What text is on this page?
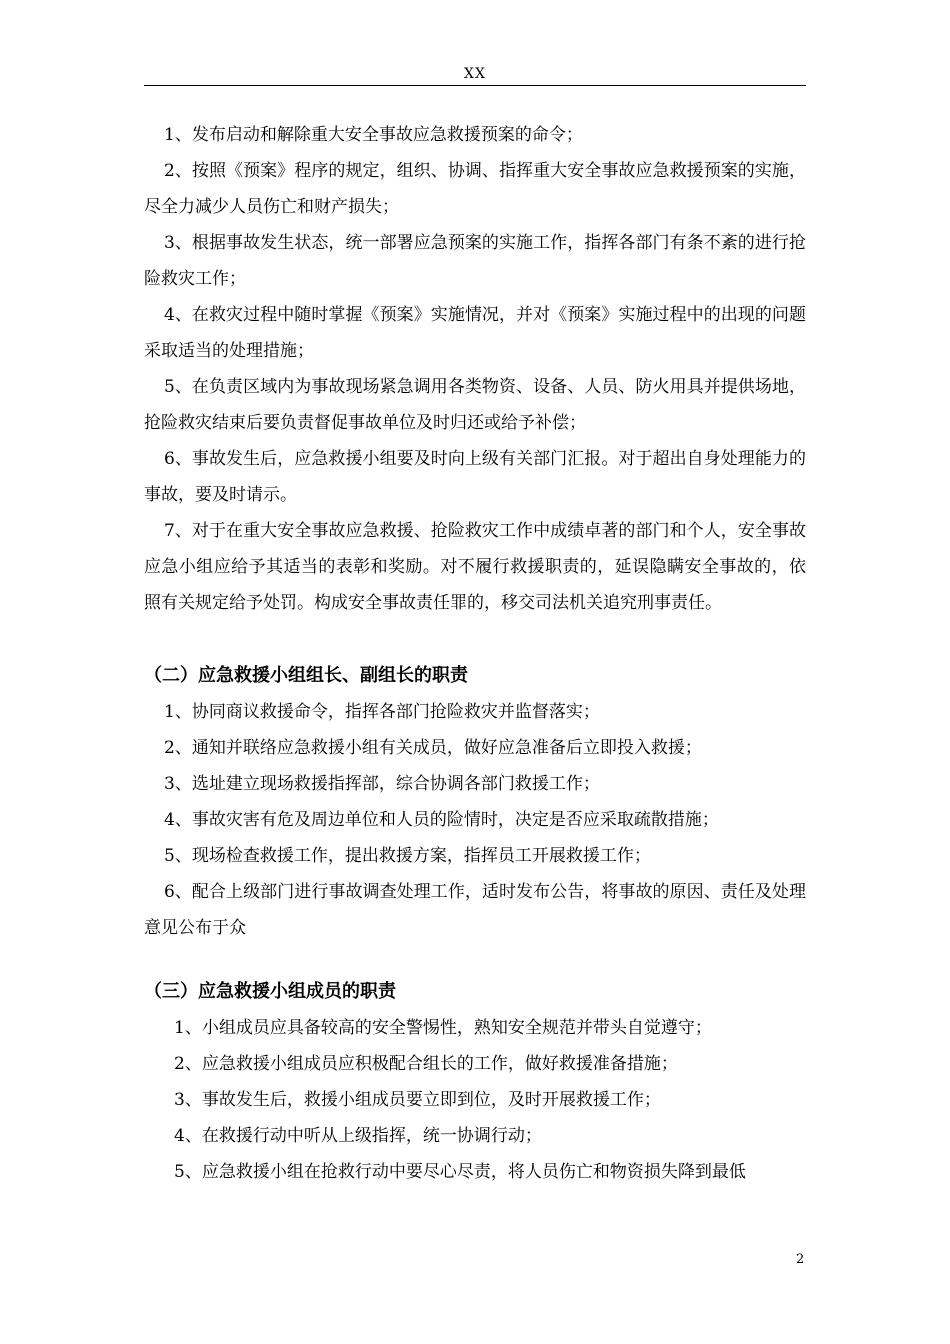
XX

1、发布启动和解除重大安全事故应急救援预案的命令；

2、按照《预案》程序的规定，组织、协调、指挥重大安全事故应急救援预案的实施，尽全力减少人员伤亡和财产损失；

3、根据事故发生状态，统一部署应急预案的实施工作，指挥各部门有条不紊的进行抢险救灾工作；

4、在救灾过程中随时掌握《预案》实施情况，并对《预案》实施过程中的出现的问题采取适当的处理措施；

5、在负责区域内为事故现场紧急调用各类物资、设备、人员、防火用具并提供场地，抢险救灾结束后要负责督促事故单位及时归还或给予补偿；

6、事故发生后，应急救援小组要及时向上级有关部门汇报。对于超出自身处理能力的事故，要及时请示。

7、对于在重大安全事故应急救援、抢险救灾工作中成绩卓著的部门和个人，安全事故应急小组应给予其适当的表彰和奖励。对不履行救援职责的，延误隐瞒安全事故的，依照有关规定给予处罚。构成安全事故责任罪的，移交司法机关追究刑事责任。

（二）应急救援小组组长、副组长的职责

1、协同商议救援命令，指挥各部门抢险救灾并监督落实；

2、通知并联络应急救援小组有关成员，做好应急准备后立即投入救援；

3、选址建立现场救援指挥部，综合协调各部门救援工作；

4、事故灾害有危及周边单位和人员的险情时，决定是否应采取疏散措施；

5、现场检查救援工作，提出救援方案，指挥员工开展救援工作；

6、配合上级部门进行事故调查处理工作，适时发布公告，将事故的原因、责任及处理意见公布于众

（三）应急救援小组成员的职责

1、小组成员应具备较高的安全警惕性，熟知安全规范并带头自觉遵守；

2、应急救援小组成员应积极配合组长的工作，做好救援准备措施；

3、事故发生后，救援小组成员要立即到位，及时开展救援工作；

4、在救援行动中听从上级指挥，统一协调行动；

5、应急救援小组在抢救行动中要尽心尽责，将人员伤亡和物资损失降到最低

2
